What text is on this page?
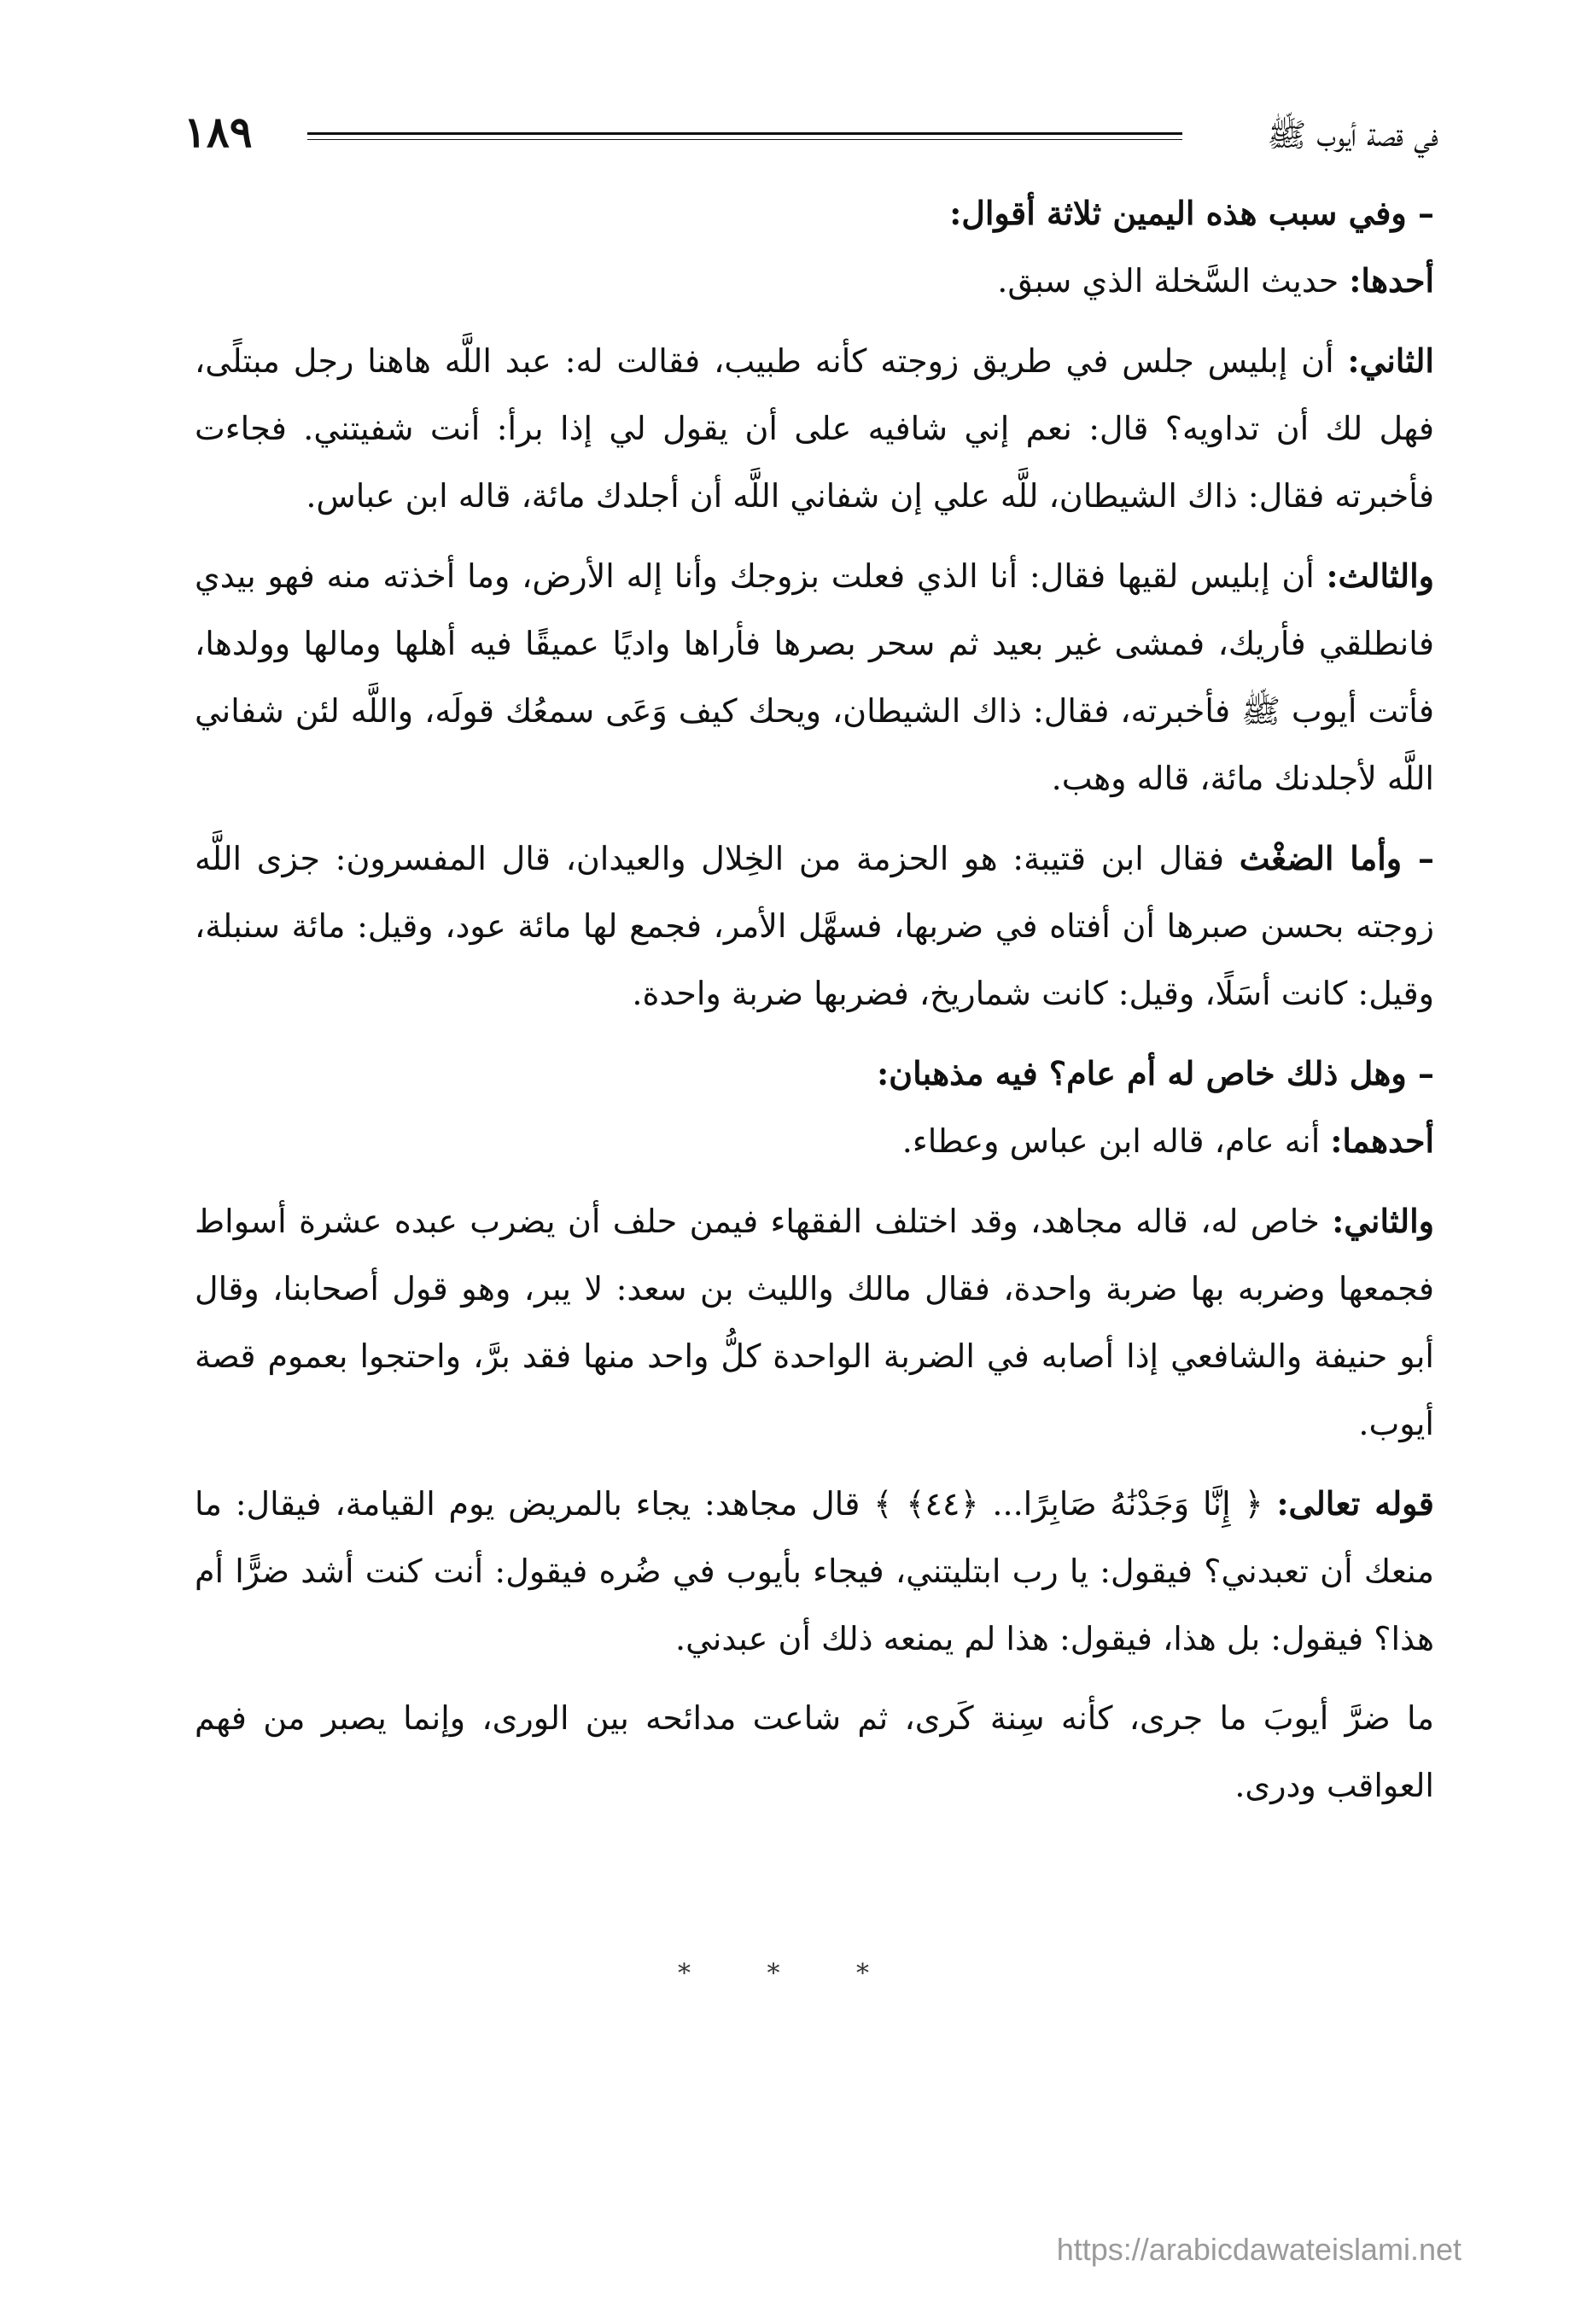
في قصة أيوب ﷺ
١٨٩

– وفي سبب هذه اليمين ثلاثة أقوال:

أحدها: حديث السَّخلة الذي سبق.

الثاني: أن إبليس جلس في طريق زوجته كأنه طبيب، فقالت له: عبد اللَّه هاهنا رجل مبتلًى، فهل لك أن تداويه؟ قال: نعم إني شافيه على أن يقول لي إذا برأ: أنت شفيتني. فجاءت فأخبرته فقال: ذاك الشيطان، للَّه علي إن شفاني اللَّه أن أجلدك مائة، قاله ابن عباس.

والثالث: أن إبليس لقيها فقال: أنا الذي فعلت بزوجك وأنا إله الأرض، وما أخذته منه فهو بيدي فانطلقي فأريك، فمشى غير بعيد ثم سحر بصرها فأراها واديًا عميقًا فيه أهلها ومالها وولدها، فأتت أيوب ﷺ فأخبرته، فقال: ذاك الشيطان، ويحك كيف وَعَى سمعُك قولَه، واللَّه لئن شفاني اللَّه لأجلدنك مائة، قاله وهب.

– وأما الضغْث فقال ابن قتيبة: هو الحزمة من الخِلال والعيدان، قال المفسرون: جزى اللَّه زوجته بحسن صبرها أن أفتاه في ضربها، فسهَّل الأمر، فجمع لها مائة عود، وقيل: مائة سنبلة، وقيل: كانت أسَلًا، وقيل: كانت شماريخ، فضربها ضربة واحدة.

– وهل ذلك خاص له أم عام؟ فيه مذهبان:

أحدهما: أنه عام، قاله ابن عباس وعطاء.

والثاني: خاص له، قاله مجاهد، وقد اختلف الفقهاء فيمن حلف أن يضرب عبده عشرة أسواط فجمعها وضربه بها ضربة واحدة، فقال مالك والليث بن سعد: لا يبر، وهو قول أصحابنا، وقال أبو حنيفة والشافعي إذا أصابه في الضربة الواحدة كلُّ واحد منها فقد برَّ، واحتجوا بعموم قصة أيوب.

قوله تعالى: ﴿ إِنَّا وَجَدْنَٰهُ صَابِرًا... ﴿٤٤﴾ ﴾ قال مجاهد: يجاء بالمريض يوم القيامة، فيقال: ما منعك أن تعبدني؟ فيقول: يا رب ابتليتني، فيجاء بأيوب في ضُره فيقول: أنت كنت أشد ضرًّا أم هذا؟ فيقول: بل هذا، فيقول: هذا لم يمنعه ذلك أن عبدني.

ما ضرَّ أيوبَ ما جرى، كأنه سِنة كَرى، ثم شاعت مدائحه بين الورى، وإنما يصبر من فهم العواقب ودرى.

* * *
https://arabicdawateislami.net
